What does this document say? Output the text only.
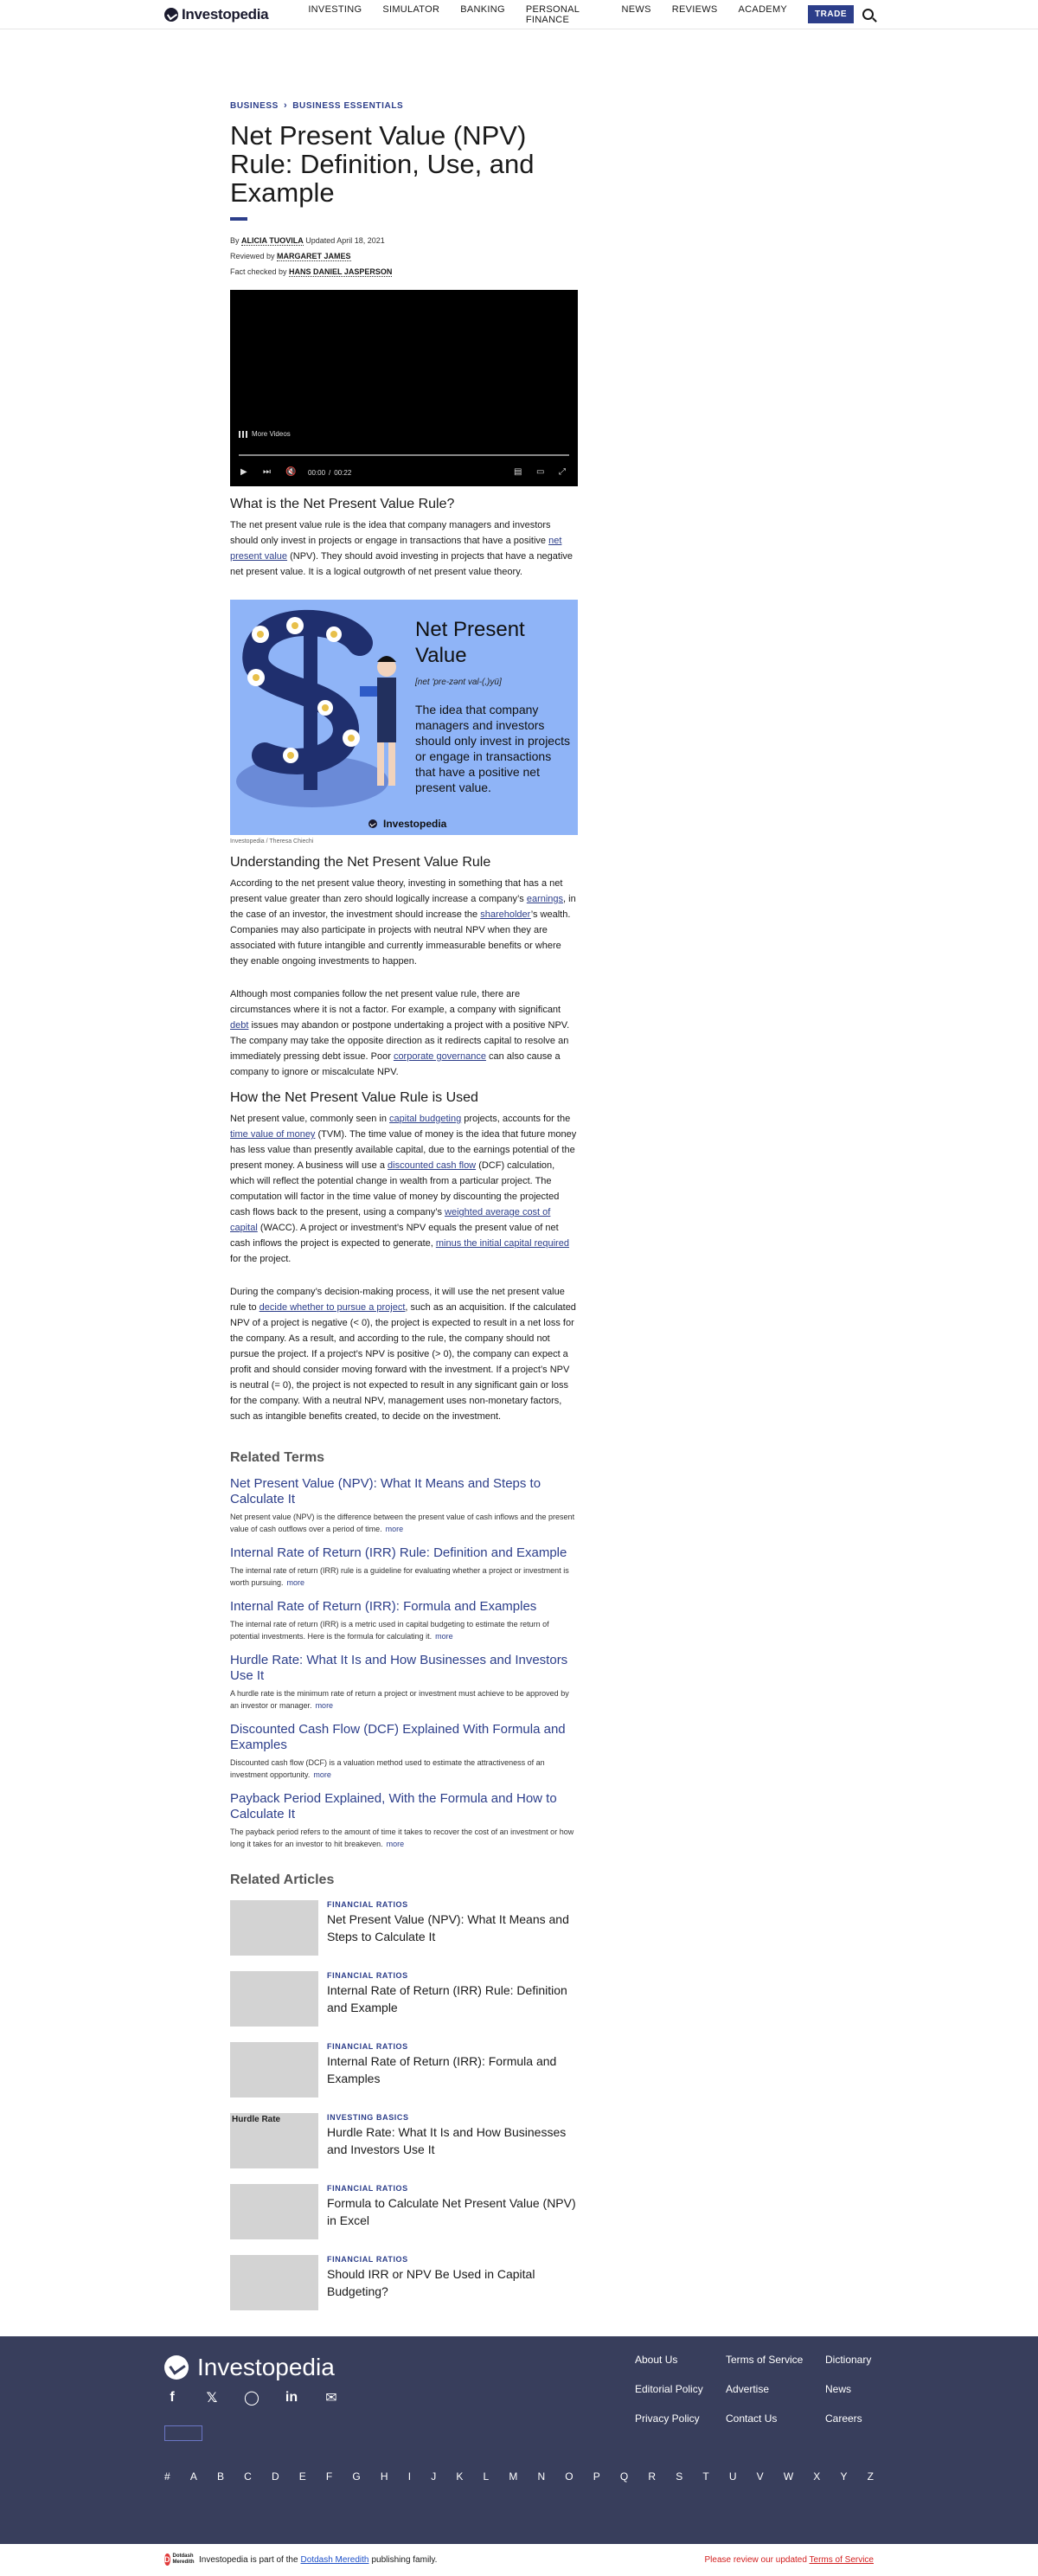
Investopedia	INVESTING SIMULATOR BANKING PERSONAL FINANCE
NEWS REVIEWS ACADEMY	TRADE
BUSINESS › BUSINESS ESSENTIALS
Net Present Value (NPV) Rule: Definition, Use, and Example
By ALICIA TUOVILA Updated April 18, 2021
Reviewed by MARGARET JAMES
Fact checked by HANS DANIEL JASPERSON
More Videos
▶ ⏭ 🔇 00:00 / 00:22	▤ ▭ ⤢
What is the Net Present Value Rule?

The net present value rule is the idea that company managers and investors should only invest in projects or engage in transactions that have a positive net present value (NPV). They should avoid investing in projects that have a negative net present value. It is a logical outgrowth of net present value theory.

Net Present Value
[net 'pre-zənt val-(,)yü]
The idea that company managers and investors should only invest in projects or engage in transactions that have a positive net present value.
Investopedia
Investopedia / Theresa Chiechi
Understanding the Net Present Value Rule

According to the net present value theory, investing in something that has a net present value greater than zero should logically increase a company’s earnings, in the case of an investor, the investment should increase the shareholder’s wealth. Companies may also participate in projects with neutral NPV when they are associated with future intangible and currently immeasurable benefits or where they enable ongoing investments to happen.

Although most companies follow the net present value rule, there are circumstances where it is not a factor. For example, a company with significant debt issues may abandon or postpone undertaking a project with a positive NPV. The company may take the opposite direction as it redirects capital to resolve an immediately pressing debt issue. Poor corporate governance can also cause a company to ignore or miscalculate NPV.

How the Net Present Value Rule is Used

Net present value, commonly seen in capital budgeting projects, accounts for the time value of money (TVM). The time value of money is the idea that future money has less value than presently available capital, due to the earnings potential of the present money. A business will use a discounted cash flow (DCF) calculation, which will reflect the potential change in wealth from a particular project. The computation will factor in the time value of money by discounting the projected cash flows back to the present, using a company’s weighted average cost of capital (WACC). A project or investment’s NPV equals the present value of net cash inflows the project is expected to generate, minus the initial capital required for the project.

During the company’s decision-making process, it will use the net present value rule to decide whether to pursue a project, such as an acquisition. If the calculated NPV of a project is negative (< 0), the project is expected to result in a net loss for the company. As a result, and according to the rule, the company should not pursue the project. If a project’s NPV is positive (> 0), the company can expect a profit and should consider moving forward with the investment. If a project’s NPV is neutral (= 0), the project is not expected to result in any significant gain or loss for the company. With a neutral NPV, management uses non-monetary factors, such as intangible benefits created, to decide on the investment.

Related Terms
Net Present Value (NPV): What It Means and Steps to Calculate It

Net present value (NPV) is the difference between the present value of cash inflows and the present value of cash outflows over a period of time. more

Internal Rate of Return (IRR) Rule: Definition and Example

The internal rate of return (IRR) rule is a guideline for evaluating whether a project or investment is worth pursuing. more

Internal Rate of Return (IRR): Formula and Examples

The internal rate of return (IRR) is a metric used in capital budgeting to estimate the return of potential investments. Here is the formula for calculating it. more

Hurdle Rate: What It Is and How Businesses and Investors Use It

A hurdle rate is the minimum rate of return a project or investment must achieve to be approved by an investor or manager. more

Discounted Cash Flow (DCF) Explained With Formula and Examples

Discounted cash flow (DCF) is a valuation method used to estimate the attractiveness of an investment opportunity. more

Payback Period Explained, With the Formula and How to Calculate It

The payback period refers to the amount of time it takes to recover the cost of an investment or how long it takes for an investor to hit breakeven. more

Related Articles
FINANCIAL RATIOS
Net Present Value (NPV): What It Means and Steps to Calculate It
FINANCIAL RATIOS
Internal Rate of Return (IRR) Rule: Definition and Example
FINANCIAL RATIOS
Internal Rate of Return (IRR): Formula and Examples
Hurdle Rate	INVESTING BASICS
Hurdle Rate: What It Is and How Businesses and Investors Use It
FINANCIAL RATIOS
Formula to Calculate Net Present Value (NPV) in Excel
FINANCIAL RATIOS
Should IRR or NPV Be Used in Capital Budgeting?
Investopedia
f	𝕏 ◯ in ✉
About Us	Terms of Service	Dictionary
Editorial Policy	Advertise	News
Privacy Policy	Contact Us	Careers
# A B C D E F G H I J K L M N O P Q R S T U V W X Y Z
D Dotdash Meredith Investopedia is part of the Dotdash Meredith publishing family.	Please review our updated Terms of Service
